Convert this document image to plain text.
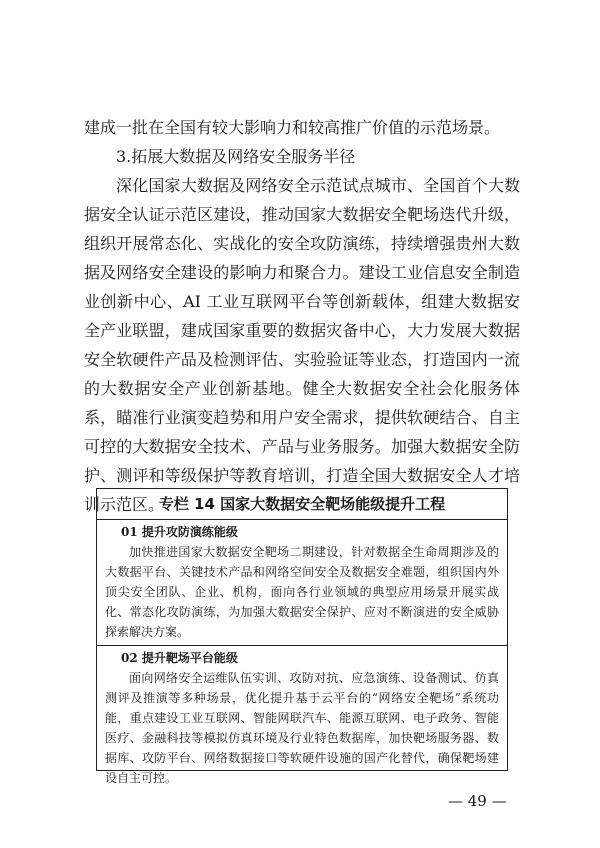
建成一批在全国有较大影响力和较高推广价值的示范场景。
3.拓展大数据及网络安全服务半径
深化国家大数据及网络安全示范试点城市、全国首个大数据安全认证示范区建设，推动国家大数据安全靶场迭代升级，组织开展常态化、实战化的安全攻防演练，持续增强贵州大数据及网络安全建设的影响力和聚合力。建设工业信息安全制造业创新中心、AI 工业互联网平台等创新载体，组建大数据安全产业联盟，建成国家重要的数据灾备中心，大力发展大数据安全软硬件产品及检测评估、实验验证等业态，打造国内一流的大数据安全产业创新基地。健全大数据安全社会化服务体系，瞄准行业演变趋势和用户安全需求，提供软硬结合、自主可控的大数据安全技术、产品与业务服务。加强大数据安全防护、测评和等级保护等教育培训，打造全国大数据安全人才培训示范区。
专栏 14 国家大数据安全靶场能级提升工程
01 提升攻防演练能级
加快推进国家大数据安全靶场二期建设，针对数据全生命周期涉及的大数据平台、关键技术产品和网络空间安全及数据安全难题，组织国内外顶尖安全团队、企业、机构，面向各行业领域的典型应用场景开展实战化、常态化攻防演练，为加强大数据安全保护、应对不断演进的安全威胁探索解决方案。
02 提升靶场平台能级
面向网络安全运维队伍实训、攻防对抗、应急演练、设备测试、仿真测评及推演等多种场景，优化提升基于云平台的“网络安全靶场”系统功能，重点建设工业互联网、智能网联汽车、能源互联网、电子政务、智能医疗、金融科技等模拟仿真环境及行业特色数据库，加快靶场服务器、数据库、攻防平台、网络数据接口等软硬件设施的国产化替代，确保靶场建设自主可控。
— 49 —
